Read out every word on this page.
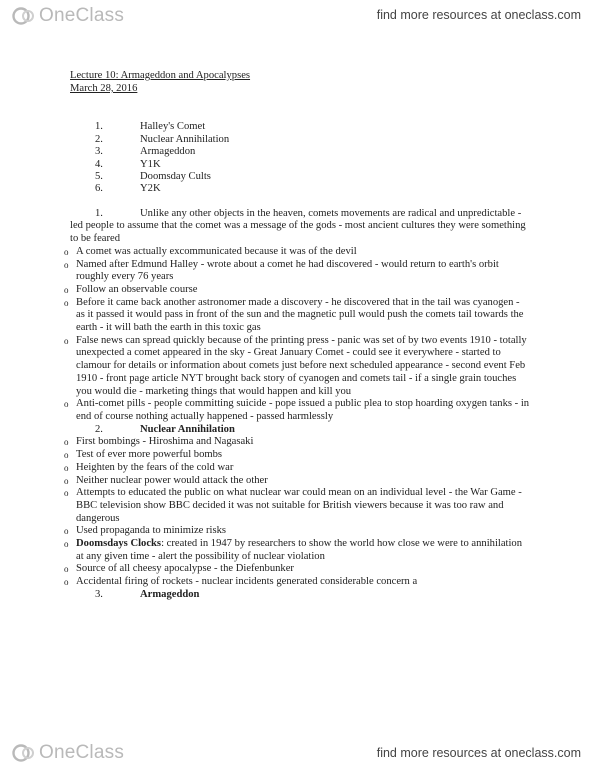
OneClass	find more resources at oneclass.com
Lecture 10: Armageddon and Apocalypses
March 28, 2016
1.	Halley's Comet
2.	Nuclear Annihilation
3.	Armageddon
4.	Y1K
5.	Doomsday Cults
6.	Y2K
1.	Unlike any other objects in the heaven, comets movements are radical and unpredictable - led people to assume that the comet was a message of the gods - most ancient cultures they were something to be feared
o A comet was actually excommunicated because it was of the devil
o Named after Edmund Halley - wrote about a comet he had discovered - would return to earth's orbit roughly every 76 years
o Follow an observable course
o Before it came back another astronomer made a discovery - he discovered that in the tail was cyanogen - as it passed it would pass in front of the sun and the magnetic pull would push the comets tail towards the earth - it will bath the earth in this toxic gas
o False news can spread quickly because of the printing press - panic was set of by two events 1910 - totally unexpected a comet appeared in the sky - Great January Comet - could see it everywhere - started to clamour for details or information about comets just before next scheduled appearance - second event Feb 1910 - front page article NYT brought back story of cyanogen and comets tail - if a single grain touches you would die - marketing things that would happen and kill you
o Anti-comet pills - people committing suicide - pope issued a public plea to stop hoarding oxygen tanks - in end of course nothing actually happened - passed harmlessly
2.	Nuclear Annihilation
o First bombings - Hiroshima and Nagasaki
o Test of ever more powerful bombs
o Heighten by the fears of the cold war
o Neither nuclear power would attack the other
o Attempts to educated the public on what nuclear war could mean on an individual level - the War Game - BBC television show BBC decided it was not suitable for British viewers because it was too raw and dangerous
o Used propaganda to minimize risks
o Doomsdays Clocks: created in 1947 by researchers to show the world how close we were to annihilation at any given time - alert the possibility of nuclear violation
o Source of all cheesy apocalypse - the Diefenbunker
o Accidental firing of rockets - nuclear incidents generated considerable concern a
3.	Armageddon
OneClass	find more resources at oneclass.com
